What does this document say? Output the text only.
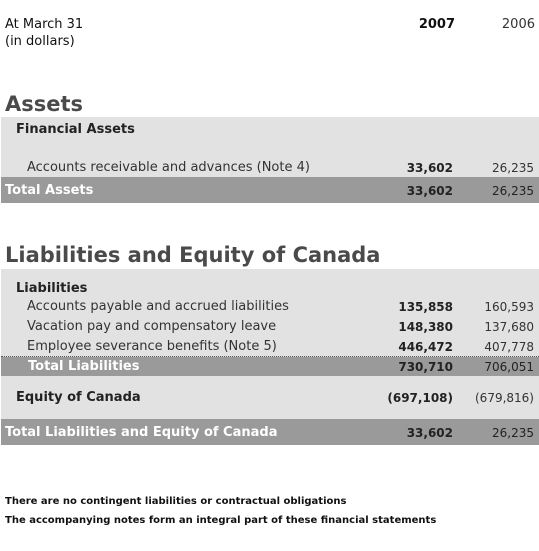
At March 31
(in dollars)
2007	2006
Assets
Financial Assets
Accounts receivable and advances (Note 4)	33,602	26,235
Total Assets	33,602	26,235
Liabilities and Equity of Canada
Liabilities
Accounts payable and accrued liabilities	135,858	160,593
Vacation pay and compensatory leave	148,380	137,680
Employee severance benefits (Note 5)	446,472	407,778
Total Liabilities	730,710	706,051
Equity of Canada	(697,108)	(679,816)
Total Liabilities and Equity of Canada	33,602	26,235
There are no contingent liabilities or contractual obligations
The accompanying notes form an integral part of these financial statements
